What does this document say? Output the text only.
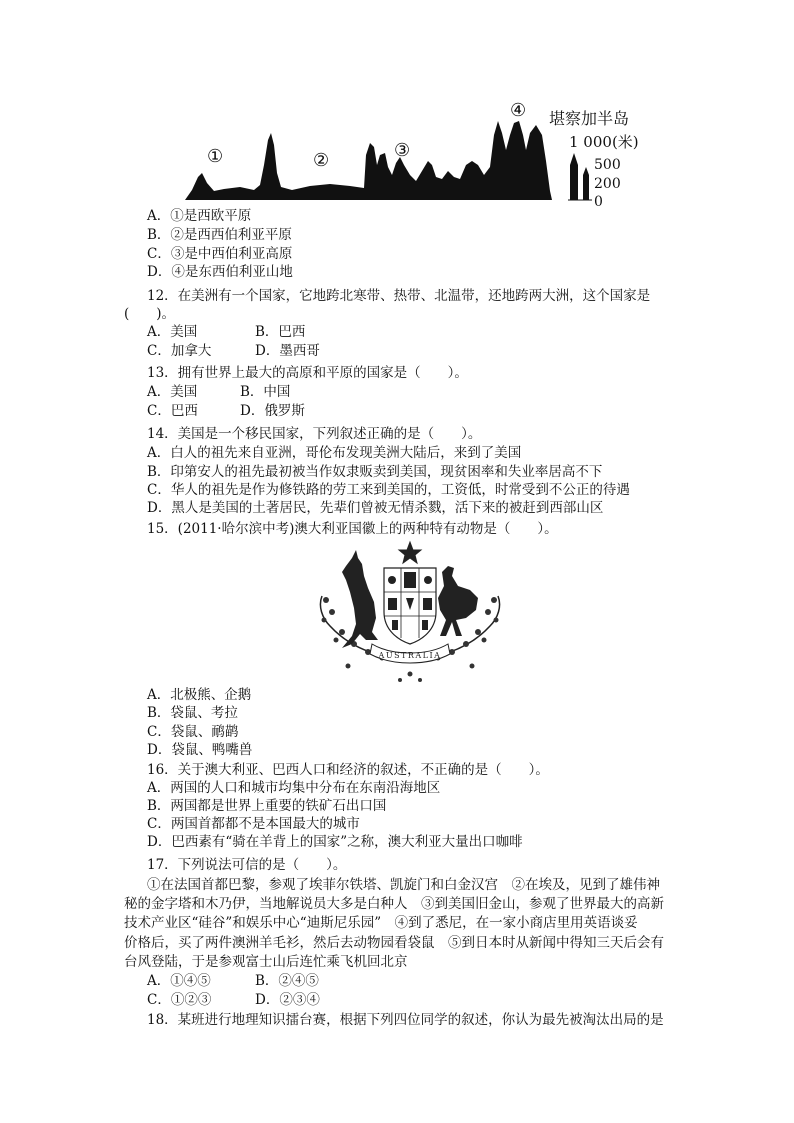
①	②	③
④ 堪察加半岛
1 000(米)
500
200
0
A．①是西欧平原
B．②是西西伯利亚平原
C．③是中西伯利亚高原
D．④是东西伯利亚山地
12．在美洲有一个国家，它地跨北寒带、热带、北温带，还地跨两大洲，这个国家是
(　　)。
A．美国	B．巴西
C．加拿大	D．墨西哥
13．拥有世界上最大的高原和平原的国家是（　　）。
A．美国	B．中国
C．巴西	D．俄罗斯
14．美国是一个移民国家，下列叙述正确的是（　　）。
A．白人的祖先来自亚洲，哥伦布发现美洲大陆后，来到了美国
B．印第安人的祖先最初被当作奴隶贩卖到美国，现贫困率和失业率居高不下
C．华人的祖先是作为修铁路的劳工来到美国的，工资低，时常受到不公正的待遇
D．黑人是美国的土著居民，先辈们曾被无情杀戮，活下来的被赶到西部山区
15．(2011·哈尔滨中考)澳大利亚国徽上的两种特有动物是（　　）。
AUSTRALIA
A．北极熊、企鹅
B．袋鼠、考拉
C．袋鼠、鸸鹋
D．袋鼠、鸭嘴兽
16．关于澳大利亚、巴西人口和经济的叙述，不正确的是（　　）。
A．两国的人口和城市均集中分布在东南沿海地区
B．两国都是世界上重要的铁矿石出口国
C．两国首都都不是本国最大的城市
D．巴西素有“骑在羊背上的国家”之称，澳大利亚大量出口咖啡
17．下列说法可信的是（　　）。
①在法国首都巴黎，参观了埃菲尔铁塔、凯旋门和白金汉宫　②在埃及，见到了雄伟神
秘的金字塔和木乃伊，当地解说员大多是白种人　③到美国旧金山，参观了世界最大的高新
技术产业区“硅谷”和娱乐中心“迪斯尼乐园”　④到了悉尼，在一家小商店里用英语谈妥
价格后，买了两件澳洲羊毛衫，然后去动物园看袋鼠　⑤到日本时从新闻中得知三天后会有
台风登陆，于是参观富士山后连忙乘飞机回北京
A．①④⑤	B．②④⑤
C．①②③	D．②③④
18．某班进行地理知识擂台赛，根据下列四位同学的叙述，你认为最先被淘汰出局的是
